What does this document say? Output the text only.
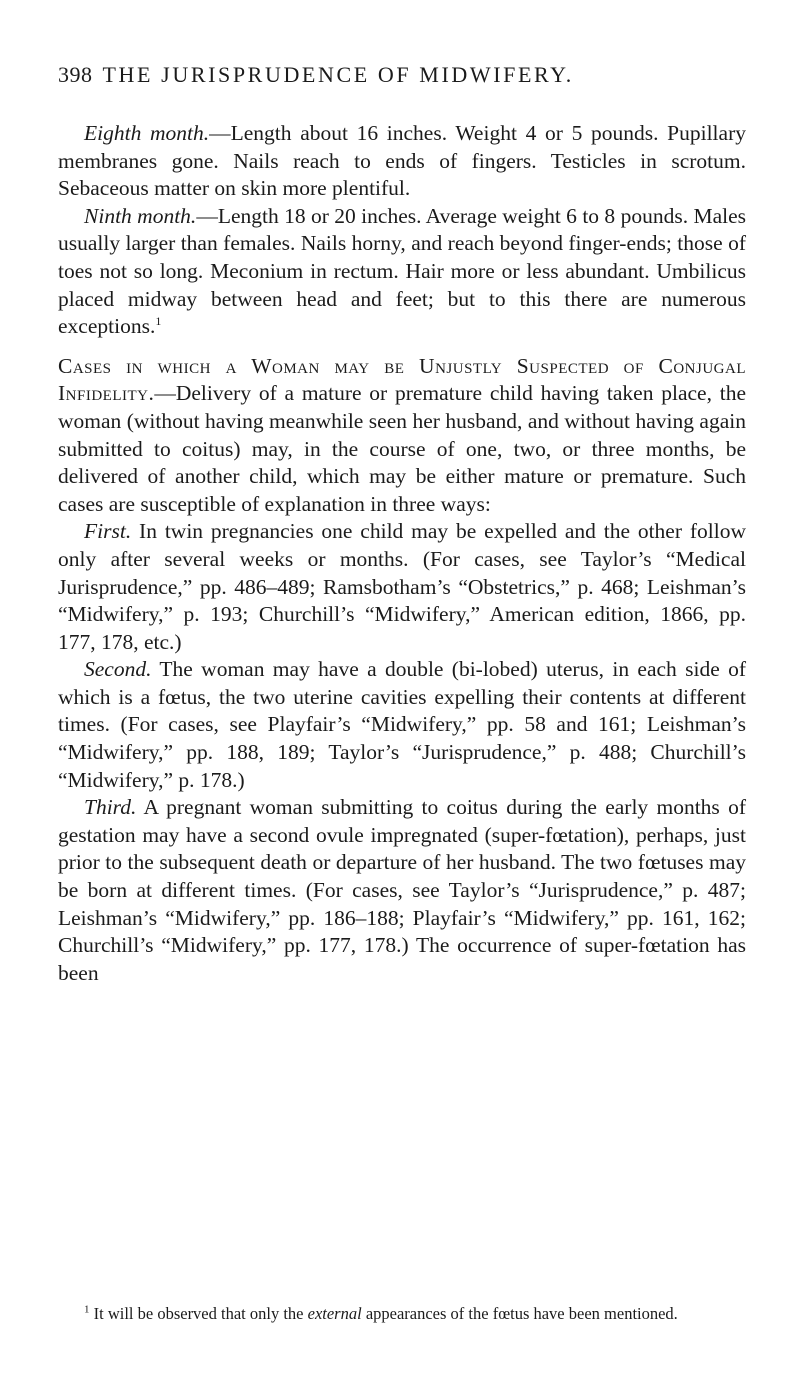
398 THE JURISPRUDENCE OF MIDWIFERY.

Eighth month.—Length about 16 inches. Weight 4 or 5 pounds. Pupillary membranes gone. Nails reach to ends of fingers. Testicles in scrotum. Sebaceous matter on skin more plentiful.

Ninth month.—Length 18 or 20 inches. Average weight 6 to 8 pounds. Males usually larger than females. Nails horny, and reach beyond finger-ends; those of toes not so long. Meconium in rectum. Hair more or less abundant. Umbilicus placed midway between head and feet; but to this there are numerous exceptions.$^1$

Cases in which a Woman may be Unjustly Suspected of Conjugal Infidelity.—Delivery of a mature or premature child having taken place, the woman (without having meanwhile seen her husband, and without having again submitted to coitus) may, in the course of one, two, or three months, be delivered of another child, which may be either mature or premature. Such cases are susceptible of explanation in three ways:

First. In twin pregnancies one child may be expelled and the other follow only after several weeks or months. (For cases, see Taylor’s “Medical Jurisprudence,” pp. 486–489; Ramsbotham’s “Obstetrics,” p. 468; Leishman’s “Midwifery,” p. 193; Churchill’s “Midwifery,” American edition, 1866, pp. 177, 178, etc.)

Second. The woman may have a double (bi-lobed) uterus, in each side of which is a fœtus, the two uterine cavities expelling their contents at different times. (For cases, see Playfair’s “Midwifery,” pp. 58 and 161; Leishman’s “Midwifery,” pp. 188, 189; Taylor’s “Jurisprudence,” p. 488; Churchill’s “Midwifery,” p. 178.)

Third. A pregnant woman submitting to coitus during the early months of gestation may have a second ovule impregnated (super-fœtation), perhaps, just prior to the subsequent death or departure of her husband. The two fœtuses may be born at different times. (For cases, see Taylor’s “Jurisprudence,” p. 487; Leishman’s “Midwifery,” pp. 186–188; Playfair’s “Midwifery,” pp. 161, 162; Churchill’s “Midwifery,” pp. 177, 178.) The occurrence of super-fœtation has been

$^1$ It will be observed that only the external appearances of the fœtus have been mentioned.
